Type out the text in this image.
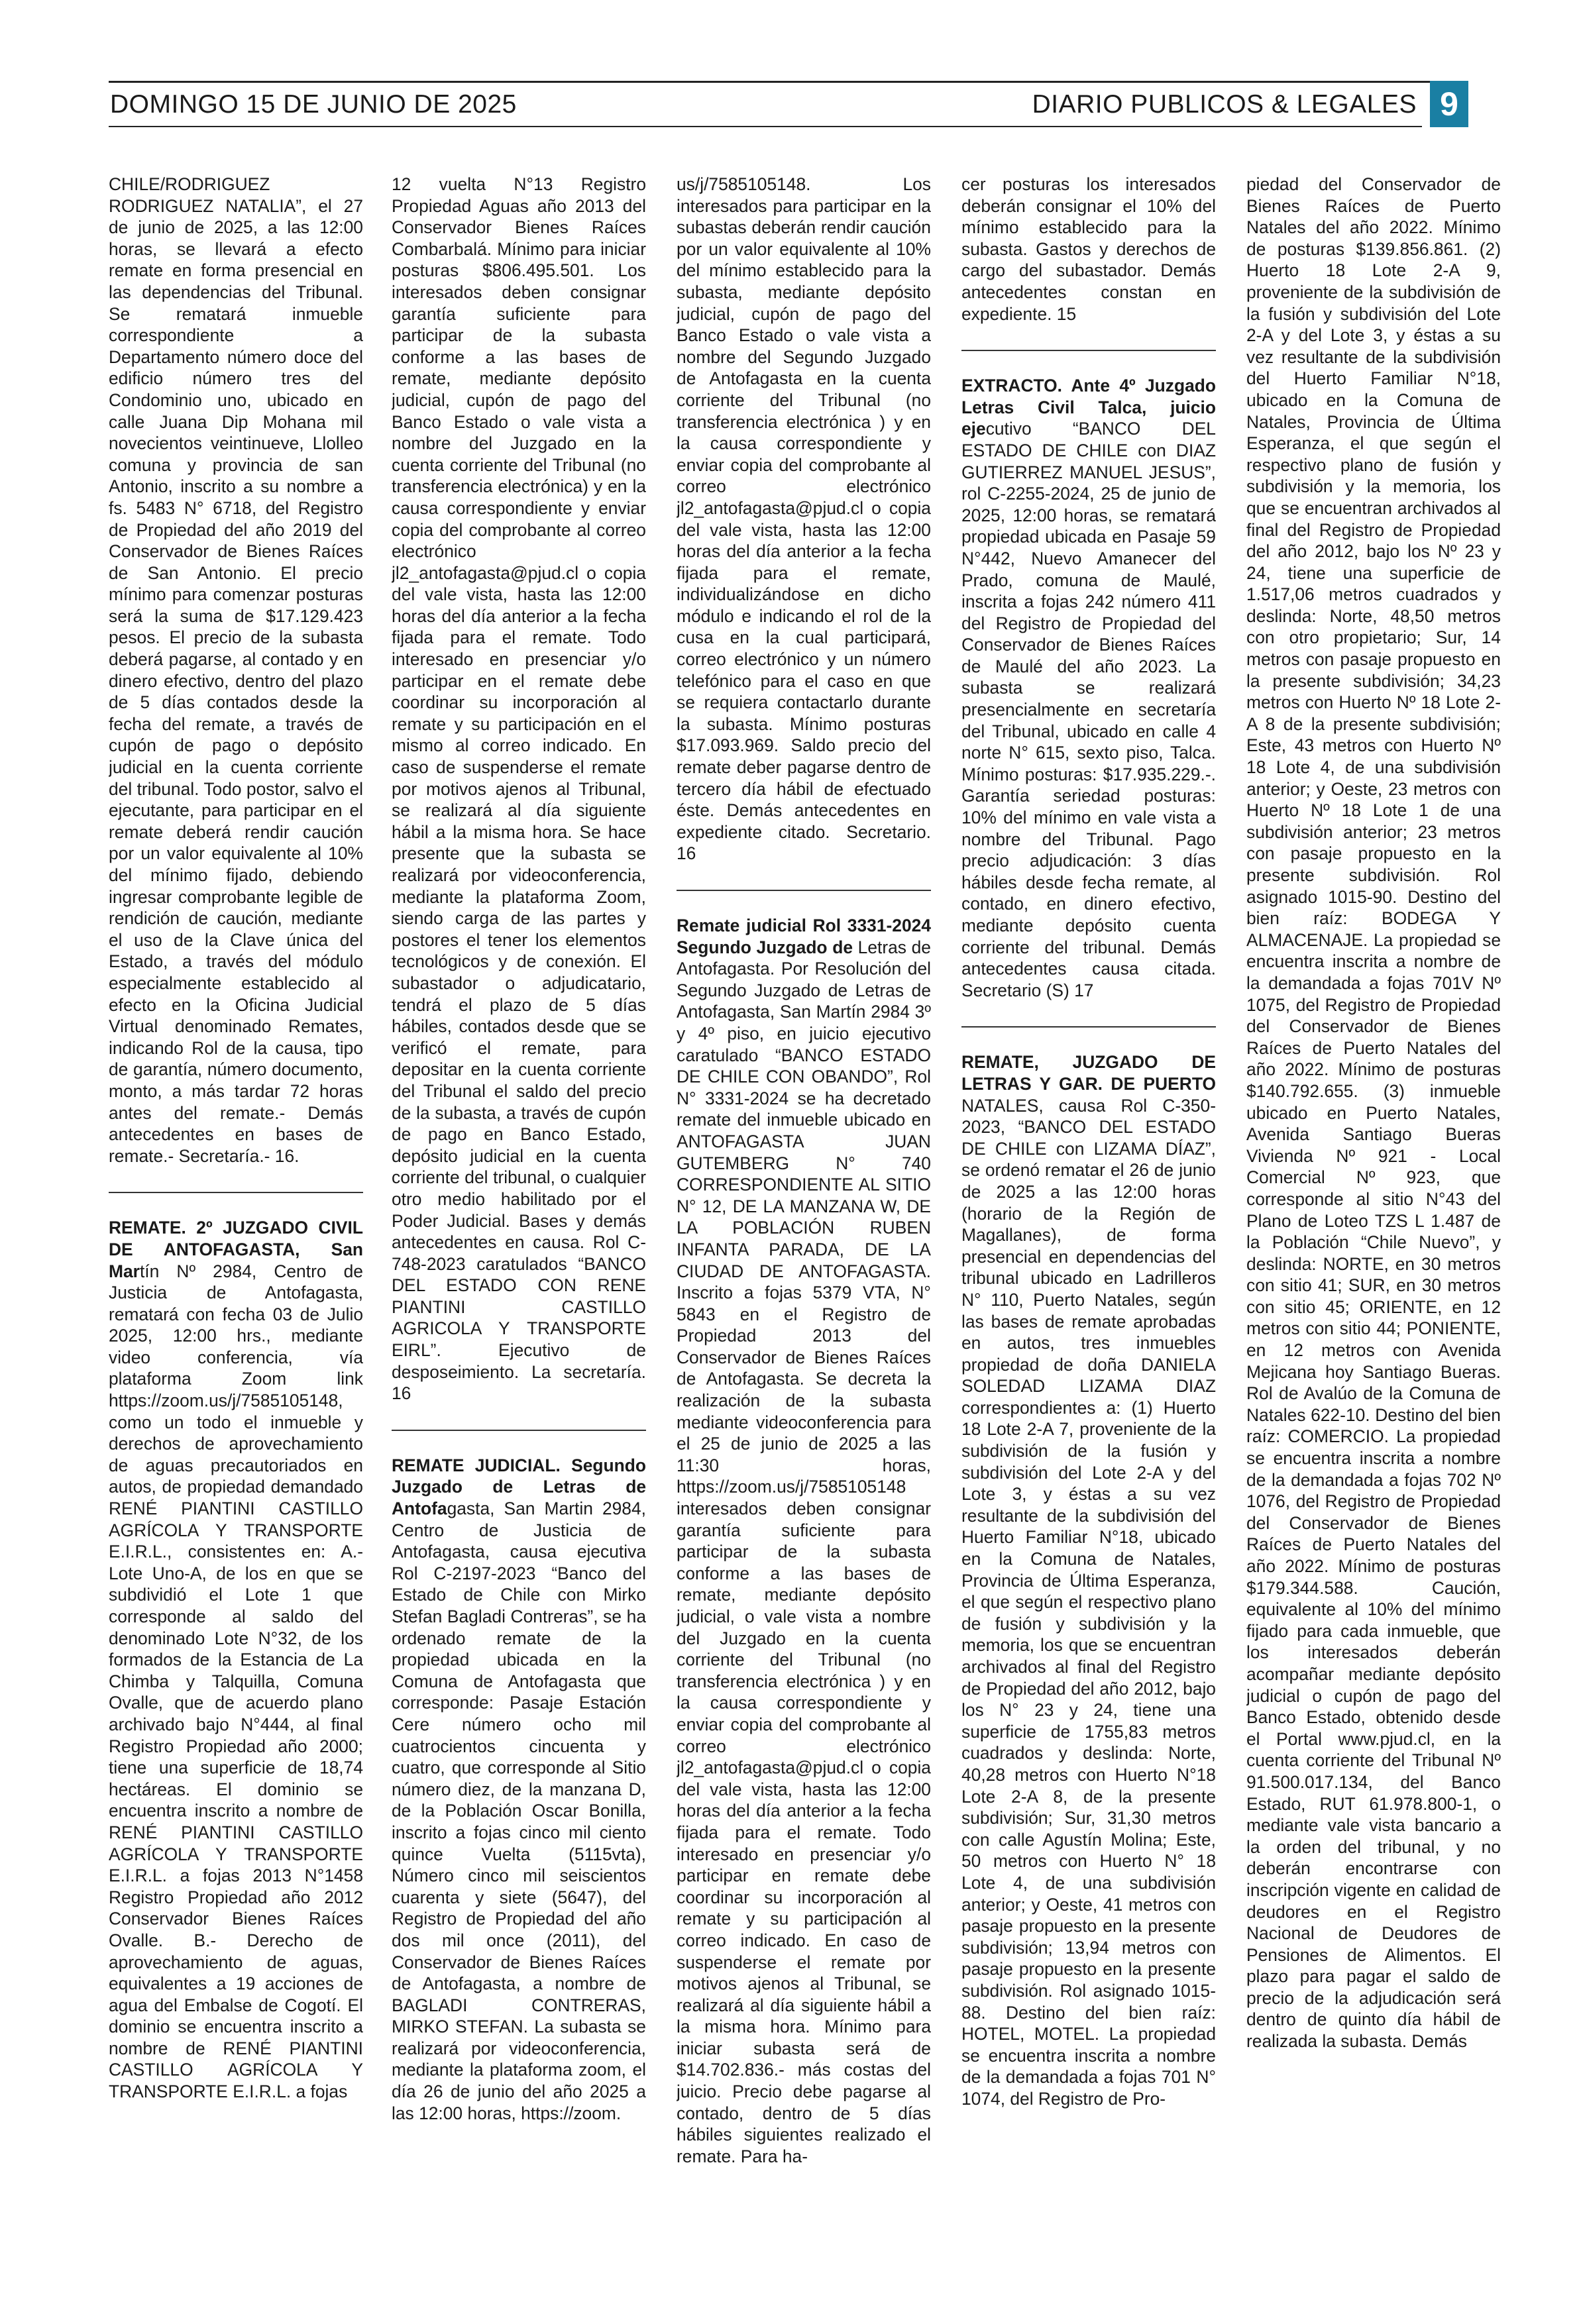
DOMINGO 15 DE JUNIO DE 2025	DIARIO PUBLICOS & LEGALES 9

CHILE/RODRIGUEZ RODRIGUEZ NATALIA”, el 27 de junio de 2025, a las 12:00 horas, se llevará a efecto remate en forma presencial en las dependencias del Tribunal. Se rematará inmueble correspondiente a Departamento número doce del edificio número tres del Condominio uno, ubicado en calle Juana Dip Mohana mil novecientos veintinueve, Llolleo comuna y provincia de san Antonio, inscrito a su nombre a fs. 5483 N° 6718, del Registro de Propiedad del año 2019 del Conservador de Bienes Raíces de San Antonio. El precio mínimo para comenzar posturas será la suma de $17.129.423 pesos. El precio de la subasta deberá pagarse, al contado y en dinero efectivo, dentro del plazo de 5 días contados desde la fecha del remate, a través de cupón de pago o depósito judicial en la cuenta corriente del tribunal. Todo postor, salvo el ejecutante, para participar en el remate deberá rendir caución por un valor equivalente al 10% del mínimo fijado, debiendo ingresar comprobante legible de rendición de caución, mediante el uso de la Clave única del Estado, a través del módulo especialmente establecido al efecto en la Oficina Judicial Virtual denominado Remates, indicando Rol de la causa, tipo de garantía, número documento, monto, a más tardar 72 horas antes del remate.- Demás antecedentes en bases de remate.- Secretaría.- 16.

REMATE. 2º JUZGADO CIVIL DE ANTOFAGASTA, San Martín Nº 2984, Centro de Justicia de Antofagasta, rematará con fecha 03 de Julio 2025, 12:00 hrs., mediante video conferencia, vía plataforma Zoom link https://zoom.us/j/7585105148, como un todo el inmueble y derechos de aprovechamiento de aguas precautoriados en autos, de propiedad demandado RENÉ PIANTINI CASTILLO AGRÍCOLA Y TRANSPORTE E.I.R.L., consistentes en: A.- Lote Uno-A, de los en que se subdividió el Lote 1 que corresponde al saldo del denominado Lote N°32, de los formados de la Estancia de La Chimba y Talquilla, Comuna Ovalle, que de acuerdo plano archivado bajo N°444, al final Registro Propiedad año 2000; tiene una superficie de 18,74 hectáreas. El dominio se encuentra inscrito a nombre de RENÉ PIANTINI CASTILLO AGRÍCOLA Y TRANSPORTE E.I.R.L. a fojas 2013 N°1458 Registro Propiedad año 2012 Conservador Bienes Raíces Ovalle. B.- Derecho de aprovechamiento de aguas, equivalentes a 19 acciones de agua del Embalse de Cogotí. El dominio se encuentra inscrito a nombre de RENÉ PIANTINI CASTILLO AGRÍCOLA Y TRANSPORTE E.I.R.L. a fojas

12 vuelta N°13 Registro Propiedad Aguas año 2013 del Conservador Bienes Raíces Combarbalá. Mínimo para iniciar posturas $806.495.501. Los interesados deben consignar garantía suficiente para participar de la subasta conforme a las bases de remate, mediante depósito judicial, cupón de pago del Banco Estado o vale vista a nombre del Juzgado en la cuenta corriente del Tribunal (no transferencia electrónica) y en la causa correspondiente y enviar copia del comprobante al correo electrónico jl2_antofagasta@pjud.cl o copia del vale vista, hasta las 12:00 horas del día anterior a la fecha fijada para el remate. Todo interesado en presenciar y/o participar en el remate debe coordinar su incorporación al remate y su participación en el mismo al correo indicado. En caso de suspenderse el remate por motivos ajenos al Tribunal, se realizará al día siguiente hábil a la misma hora. Se hace presente que la subasta se realizará por videoconferencia, mediante la plataforma Zoom, siendo carga de las partes y postores el tener los elementos tecnológicos y de conexión. El subastador o adjudicatario, tendrá el plazo de 5 días hábiles, contados desde que se verificó el remate, para depositar en la cuenta corriente del Tribunal el saldo del precio de la subasta, a través de cupón de pago en Banco Estado, depósito judicial en la cuenta corriente del tribunal, o cualquier otro medio habilitado por el Poder Judicial. Bases y demás antecedentes en causa. Rol C-748-2023 caratulados “BANCO DEL ESTADO CON RENE PIANTINI CASTILLO AGRICOLA Y TRANSPORTE EIRL”. Ejecutivo de desposeimiento. La secretaría. 16

REMATE JUDICIAL. Segundo Juzgado de Letras de Antofagasta, San Martin 2984, Centro de Justicia de Antofagasta, causa ejecutiva Rol C-2197-2023 “Banco del Estado de Chile con Mirko Stefan Bagladi Contreras”, se ha ordenado remate de la propiedad ubicada en la Comuna de Antofagasta que corresponde: Pasaje Estación Cere número ocho mil cuatrocientos cincuenta y cuatro, que corresponde al Sitio número diez, de la manzana D, de la Población Oscar Bonilla, inscrito a fojas cinco mil ciento quince Vuelta (5115vta), Número cinco mil seiscientos cuarenta y siete (5647), del Registro de Propiedad del año dos mil once (2011), del Conservador de Bienes Raíces de Antofagasta, a nombre de BAGLADI CONTRERAS, MIRKO STEFAN. La subasta se realizará por videoconferencia, mediante la plataforma zoom, el día 26 de junio del año 2025 a las 12:00 horas, https://zoom.

us/j/7585105148. Los interesados para participar en la subastas deberán rendir caución por un valor equivalente al 10% del mínimo establecido para la subasta, mediante depósito judicial, cupón de pago del Banco Estado o vale vista a nombre del Segundo Juzgado de Antofagasta en la cuenta corriente del Tribunal (no transferencia electrónica ) y en la causa correspondiente y enviar copia del comprobante al correo electrónico jl2_antofagasta@pjud.cl o copia del vale vista, hasta las 12:00 horas del día anterior a la fecha fijada para el remate, individualizándose en dicho módulo e indicando el rol de la cusa en la cual participará, correo electrónico y un número telefónico para el caso en que se requiera contactarlo durante la subasta. Mínimo posturas $17.093.969. Saldo precio del remate deber pagarse dentro de tercero día hábil de efectuado éste. Demás antecedentes en expediente citado. Secretario. 16

Remate judicial Rol 3331-2024 Segundo Juzgado de Letras de Antofagasta. Por Resolución del Segundo Juzgado de Letras de Antofagasta, San Martín 2984 3º y 4º piso, en juicio ejecutivo caratulado “BANCO ESTADO DE CHILE CON OBANDO”, Rol N° 3331-2024 se ha decretado remate del inmueble ubicado en ANTOFAGASTA JUAN GUTEMBERG N° 740 CORRESPONDIENTE AL SITIO N° 12, DE LA MANZANA W, DE LA POBLACIÓN RUBEN INFANTA PARADA, DE LA CIUDAD DE ANTOFAGASTA. Inscrito a fojas 5379 VTA, N° 5843 en el Registro de Propiedad 2013 del Conservador de Bienes Raíces de Antofagasta. Se decreta la realización de la subasta mediante videoconferencia para el 25 de junio de 2025 a las 11:30 horas, https://zoom.us/j/7585105148 interesados deben consignar garantía suficiente para participar de la subasta conforme a las bases de remate, mediante depósito judicial, o vale vista a nombre del Juzgado en la cuenta corriente del Tribunal (no transferencia electrónica ) y en la causa correspondiente y enviar copia del comprobante al correo electrónico jl2_antofagasta@pjud.cl o copia del vale vista, hasta las 12:00 horas del día anterior a la fecha fijada para el remate. Todo interesado en presenciar y/o participar en remate debe coordinar su incorporación al remate y su participación al correo indicado. En caso de suspenderse el remate por motivos ajenos al Tribunal, se realizará al día siguiente hábil a la misma hora. Mínimo para iniciar subasta será de $14.702.836.- más costas del juicio. Precio debe pagarse al contado, dentro de 5 días hábiles siguientes realizado el remate. Para ha-

cer posturas los interesados deberán consignar el 10% del mínimo establecido para la subasta. Gastos y derechos de cargo del subastador. Demás antecedentes constan en expediente. 15

EXTRACTO. Ante 4º Juzgado Letras Civil Talca, juicio ejecutivo “BANCO DEL ESTADO DE CHILE con DIAZ GUTIERREZ MANUEL JESUS”, rol C-2255-2024, 25 de junio de 2025, 12:00 horas, se rematará propiedad ubicada en Pasaje 59 N°442, Nuevo Amanecer del Prado, comuna de Maulé, inscrita a fojas 242 número 411 del Registro de Propiedad del Conservador de Bienes Raíces de Maulé del año 2023. La subasta se realizará presencialmente en secretaría del Tribunal, ubicado en calle 4 norte N° 615, sexto piso, Talca. Mínimo posturas: $17.935.229.-. Garantía seriedad posturas: 10% del mínimo en vale vista a nombre del Tribunal. Pago precio adjudicación: 3 días hábiles desde fecha remate, al contado, en dinero efectivo, mediante depósito cuenta corriente del tribunal. Demás antecedentes causa citada. Secretario (S) 17

REMATE, JUZGADO DE LETRAS Y GAR. DE PUERTO NATALES, causa Rol C-350-2023, “BANCO DEL ESTADO DE CHILE con LIZAMA DÍAZ”, se ordenó rematar el 26 de junio de 2025 a las 12:00 horas (horario de la Región de Magallanes), de forma presencial en dependencias del tribunal ubicado en Ladrilleros N° 110, Puerto Natales, según las bases de remate aprobadas en autos, tres inmuebles propiedad de doña DANIELA SOLEDAD LIZAMA DIAZ correspondientes a: (1) Huerto 18 Lote 2-A 7, proveniente de la subdivisión de la fusión y subdivisión del Lote 2-A y del Lote 3, y éstas a su vez resultante de la subdivisión del Huerto Familiar N°18, ubicado en la Comuna de Natales, Provincia de Última Esperanza, el que según el respectivo plano de fusión y subdivisión y la memoria, los que se encuentran archivados al final del Registro de Propiedad del año 2012, bajo los N° 23 y 24, tiene una superficie de 1755,83 metros cuadrados y deslinda: Norte, 40,28 metros con Huerto N°18 Lote 2-A 8, de la presente subdivisión; Sur, 31,30 metros con calle Agustín Molina; Este, 50 metros con Huerto N° 18 Lote 4, de una subdivisión anterior; y Oeste, 41 metros con pasaje propuesto en la presente subdivisión; 13,94 metros con pasaje propuesto en la presente subdivisión. Rol asignado 1015-88. Destino del bien raíz: HOTEL, MOTEL. La propiedad se encuentra inscrita a nombre de la demandada a fojas 701 N° 1074, del Registro de Pro-

piedad del Conservador de Bienes Raíces de Puerto Natales del año 2022. Mínimo de posturas $139.856.861. (2) Huerto 18 Lote 2-A 9, proveniente de la subdivisión de la fusión y subdivisión del Lote 2-A y del Lote 3, y éstas a su vez resultante de la subdivisión del Huerto Familiar N°18, ubicado en la Comuna de Natales, Provincia de Última Esperanza, el que según el respectivo plano de fusión y subdivisión y la memoria, los que se encuentran archivados al final del Registro de Propiedad del año 2012, bajo los Nº 23 y 24, tiene una superficie de 1.517,06 metros cuadrados y deslinda: Norte, 48,50 metros con otro propietario; Sur, 14 metros con pasaje propuesto en la presente subdivisión; 34,23 metros con Huerto Nº 18 Lote 2-A 8 de la presente subdivisión; Este, 43 metros con Huerto Nº 18 Lote 4, de una subdivisión anterior; y Oeste, 23 metros con Huerto Nº 18 Lote 1 de una subdivisión anterior; 23 metros con pasaje propuesto en la presente subdivisión. Rol asignado 1015-90. Destino del bien raíz: BODEGA Y ALMACENAJE. La propiedad se encuentra inscrita a nombre de la demandada a fojas 701V Nº 1075, del Registro de Propiedad del Conservador de Bienes Raíces de Puerto Natales del año 2022. Mínimo de posturas $140.792.655. (3) inmueble ubicado en Puerto Natales, Avenida Santiago Bueras Vivienda Nº 921 - Local Comercial Nº 923, que corresponde al sitio N°43 del Plano de Loteo TZS L 1.487 de la Población “Chile Nuevo”, y deslinda: NORTE, en 30 metros con sitio 41; SUR, en 30 metros con sitio 45; ORIENTE, en 12 metros con sitio 44; PONIENTE, en 12 metros con Avenida Mejicana hoy Santiago Bueras. Rol de Avalúo de la Comuna de Natales 622-10. Destino del bien raíz: COMERCIO. La propiedad se encuentra inscrita a nombre de la demandada a fojas 702 Nº 1076, del Registro de Propiedad del Conservador de Bienes Raíces de Puerto Natales del año 2022. Mínimo de posturas $179.344.588. Caución, equivalente al 10% del mínimo fijado para cada inmueble, que los interesados deberán acompañar mediante depósito judicial o cupón de pago del Banco Estado, obtenido desde el Portal www.pjud.cl, en la cuenta corriente del Tribunal Nº 91.500.017.134, del Banco Estado, RUT 61.978.800-1, o mediante vale vista bancario a la orden del tribunal, y no deberán encontrarse con inscripción vigente en calidad de deudores en el Registro Nacional de Deudores de Pensiones de Alimentos. El plazo para pagar el saldo de precio de la adjudicación será dentro de quinto día hábil de realizada la subasta. Demás
